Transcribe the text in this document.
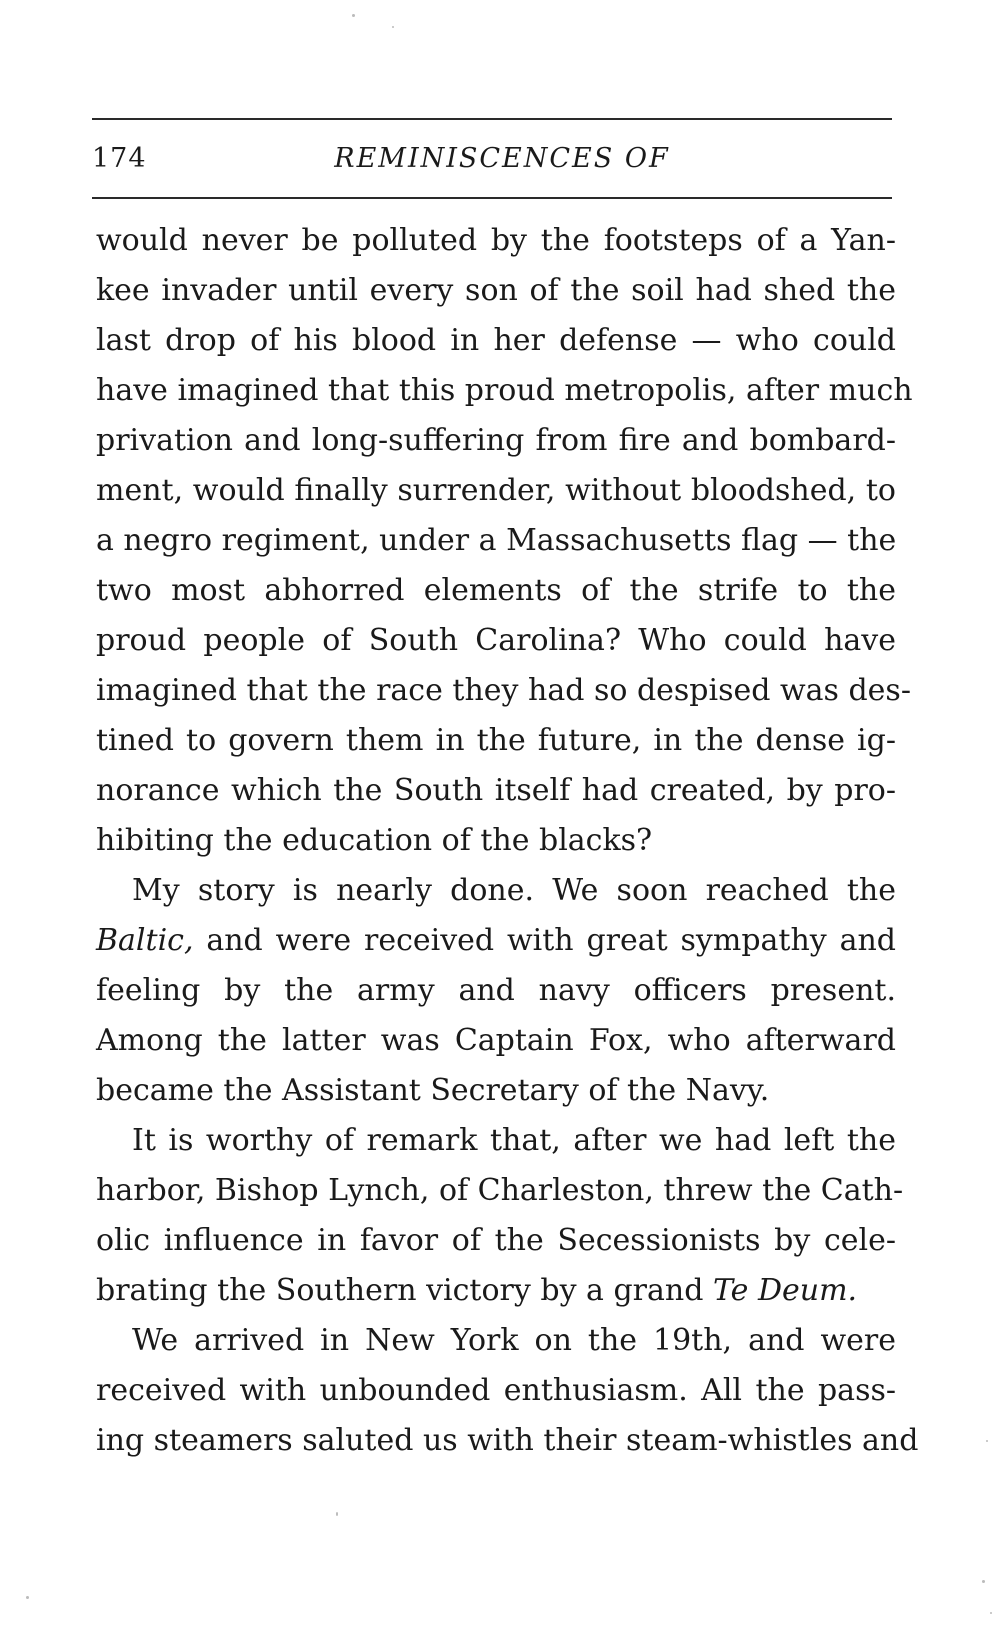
174	REMINISCENCES OF
would never be polluted by the footsteps of a Yan-
kee invader until every son of the soil had shed the
last drop of his blood in her defense — who could
have imagined that this proud metropolis, after much
privation and long-suffering from fire and bombard-
ment, would finally surrender, without bloodshed, to
a negro regiment, under a Massachusetts flag — the
two most abhorred elements of the strife to the
proud people of South Carolina? Who could have
imagined that the race they had so despised was des-
tined to govern them in the future, in the dense ig-
norance which the South itself had created, by pro-
hibiting the education of the blacks?
My story is nearly done. We soon reached the
Baltic, and were received with great sympathy and
feeling by the army and navy officers present.
Among the latter was Captain Fox, who afterward
became the Assistant Secretary of the Navy.
It is worthy of remark that, after we had left the
harbor, Bishop Lynch, of Charleston, threw the Cath-
olic influence in favor of the Secessionists by cele-
brating the Southern victory by a grand Te Deum.
We arrived in New York on the 19th, and were
received with unbounded enthusiasm. All the pass-
ing steamers saluted us with their steam-whistles and
